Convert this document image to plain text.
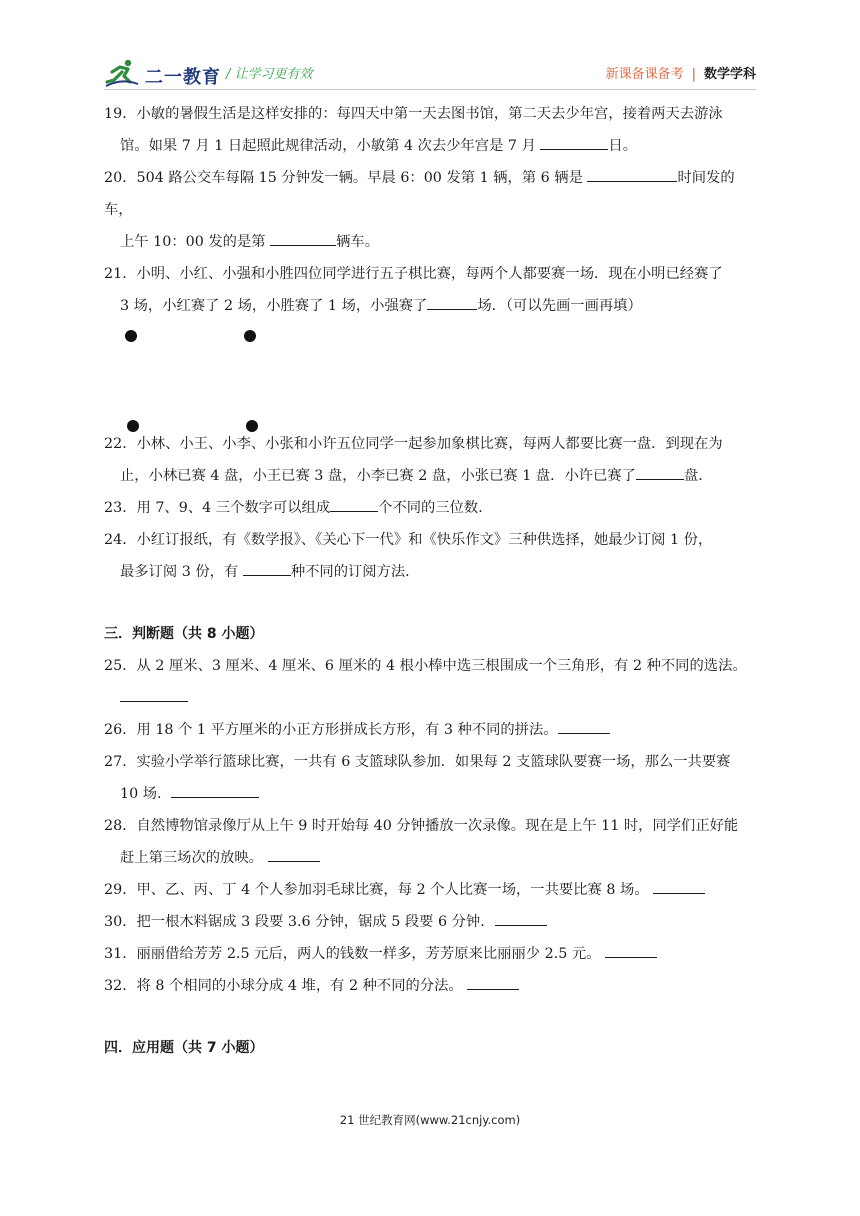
二一教育 / 让学习更有效	新课备课备考 | 数学学科
19．小敏的暑假生活是这样安排的：每四天中第一天去图书馆，第二天去少年宫，接着两天去游泳
馆。如果 7 月 1 日起照此规律活动，小敏第 4 次去少年宫是 7 月	日。
20．504 路公交车每隔 15 分钟发一辆。早晨 6：00 发第 1 辆，第 6 辆是	时间发的车，
上午 10：00 发的是第	辆车。
21．小明、小红、小强和小胜四位同学进行五子棋比赛，每两个人都要赛一场．现在小明已经赛了
3 场，小红赛了 2 场，小胜赛了 1 场，小强赛了	场．（可以先画一画再填）
22．小林、小王、小李、小张和小许五位同学一起参加象棋比赛，每两人都要比赛一盘．到现在为
止，小林已赛 4 盘，小王已赛 3 盘，小李已赛 2 盘，小张已赛 1 盘．小许已赛了	盘．
23．用 7、9、4 三个数字可以组成	个不同的三位数．
24．小红订报纸，有《数学报》、《关心下一代》和《快乐作文》三种供选择，她最少订阅 1 份，
最多订阅 3 份，有	种不同的订阅方法．
三．判断题（共 8 小题）
25．从 2 厘米、3 厘米、4 厘米、6 厘米的 4 根小棒中选三根围成一个三角形，有 2 种不同的选法。
26．用 18 个 1 平方厘米的小正方形拼成长方形，有 3 种不同的拼法。
27．实验小学举行篮球比赛，一共有 6 支篮球队参加．如果每 2 支篮球队要赛一场，那么一共要赛
10 场．
28．自然博物馆录像厅从上午 9 时开始每 40 分钟播放一次录像。现在是上午 11 时，同学们正好能
赶上第三场次的放映。
29．甲、乙、丙、丁 4 个人参加羽毛球比赛，每 2 个人比赛一场，一共要比赛 8 场。
30．把一根木料锯成 3 段要 3.6 分钟，锯成 5 段要 6 分钟．
31．丽丽借给芳芳 2.5 元后，两人的钱数一样多，芳芳原来比丽丽少 2.5 元。
32．将 8 个相同的小球分成 4 堆，有 2 种不同的分法。
四．应用题（共 7 小题）
21 世纪教育网(www.21cnjy.com)
